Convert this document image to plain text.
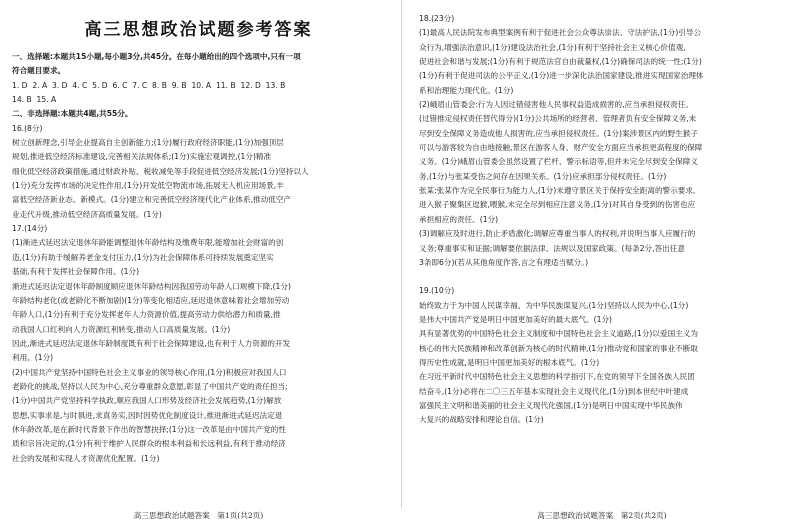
高三思想政治试题参考答案

一、选择题:本题共15小题,每小题3分,共45分。在每小题给出的四个选项中,只有一项
符合题目要求。

1. D  2. A  3. D  4. C  5. D  6. C  7. C  8. B  9. B  10. A  11. B  12. D  13. B
14. B  15. A

二、非选择题:本题共4题,共55分。

16.(8分)
树立创新理念,引导企业提高自主创新能力;(1分)履行政府经济职能,(1分)加强顶层
规划,推进低空经济标准建设,完善相关法规体系;(1分)实施宏观调控,(1分)精准
细化低空经济政策措施,通过财政补贴、税收减免等手段促进低空经济发展;(1分)坚持以人
(1分)充分发挥市场的决定性作用,(1分)开发低空物流市场,拓展无人机应用场景,丰
富低空经济新业态、新模式。(1分)建立和完善低空经济现代化产业体系,推动低空产
业走代升级,推动低空经济高质量发展。(1分)

17.(14分)
(1)渐进式延迟法定退休年龄能调整退休年龄结构及缴费年限,能增加社会财富的创
造,(1分)有助于缓解养老金支付压力,(1分)为社会保障体系可持续发展奠定坚实
基础,有利于发挥社会保障作用。(1分)
渐进式延迟法定退休年龄制度顺应退休年龄结构因我国劳动年龄人口规模下降,(1分)
年龄结构老化(或老龄化不断加剧)(1分)等变化相适应,延迟退休意味着社会增加劳动
年龄人口,(1分)有利于充分发挥老年人力资源价值,提高劳动力供给潜力和质量,推
动我国人口红利向人力资源红利转变,推动人口高质量发展。(1分)
因此,渐进式延迟法定退休年龄制度既有利于社会保障建设,也有利于人力资源的开发
利用。(1分)
(2)中国共产党坚持中国特色社会主义事业的领导核心作用,(1分)积极应对我国人口
老龄化的挑战,坚持以人民为中心,充分尊重群众意愿,彰显了中国共产党的责任担当;
(1分)中国共产党坚持科学执政,顺应我国人口形势及经济社会发展趋势,(1分)解放
思想,实事求是,与时俱进,求真务实,因时因势优化制度设计,推进渐进式延迟法定退
休年龄改革,是在新时代背景下作出的智慧抉择;(1分)这一改革是由中国共产党的性
质和宗旨决定的,(1分)有利于维护人民群众的根本利益和长远利益,有利于推动经济
社会的发展和实现人才资源优化配置。(1分)

高三思想政治试题答案　第1页(共2页)

18.(23分)
(1)最高人民法院发布典型案例有利于促进社会公众尊法崇法、守法护法,(1分)引导公
众行为,增强法治意识,(1分)建设法治社会,(1分)有利于坚持社会主义核心价值观,
促进社会和谐与发展;(1分)有利于规范法官自由裁量权,(1分)确保司法的统一性;(1分)
(1分)有利于促进司法的公平正义,(1分)进一步深化法治国家建设,推进实现国家治理体
系和治理能力现代化。(1分)
(2)峨眉山管委会:行为人因过错侵害他人民事权益造成损害的,应当承担侵权责任。
(过错推定侵权责任替代得分)(1分)公共场所的经营者、管理者负有安全保障义务,未
尽到安全保障义务造成他人损害的,应当承担侵权责任。(1分)案涉景区内的野生猴子
可以与游客较为自由地接触,景区在游客人身、财产安全方面应当承担更高程度的保障
义务。(1分)峨眉山管委会虽然设置了栏杆、警示标语等,但并未完全尽到安全保障义
务,(1分)与张某受伤之间存在因果关系。(1分)应承担部分侵权责任。(1分)
张某:张某作为完全民事行为能力人,(1分)未遵守景区关于保持安全距离的警示要求,
进入猴子聚集区逗猴,喂猴,未完全尽到相应注意义务,(1分)对其自身受到的伤害也应
承担相应的责任。(1分)
(3)调解应及时进行,防止矛盾激化;调解应尊重当事人的权利,并说明当事人应履行的
义务;尊重事实和证据;调解要依据法律、法规以及国家政策。(每条2分,答出任意
3条即6分)(若从其他角度作答,言之有理适当赋分。)

19.(10分)
始终致力于为中国人民谋幸福、为中华民族谋复兴,(1分)坚持以人民为中心,(1分)
是伟大中国共产党是明日中国更加美好的最大底气。(1分)
具有显著优势的中国特色社会主义制度和中国特色社会主义道路,(1分)以爱国主义为
核心的伟大民族精神和改革创新为核心的时代精神,(1分)推动党和国家的事业不断取
得历史性成就,是明日中国更加美好的根本底气。(1分)
在习近平新时代中国特色社会主义思想的科学指引下,在党的领导下全国各族人民团
结奋斗,(1分)必将在二〇三五年基本实现社会主义现代化,(1分)到本世纪中叶建成
富强民主文明和谐美丽的社会主义现代化强国,(1分)是明日中国实现中华民族伟
大复兴的战略安排和理论自信。(1分)

高三思想政治试题答案　第2页(共2页)
